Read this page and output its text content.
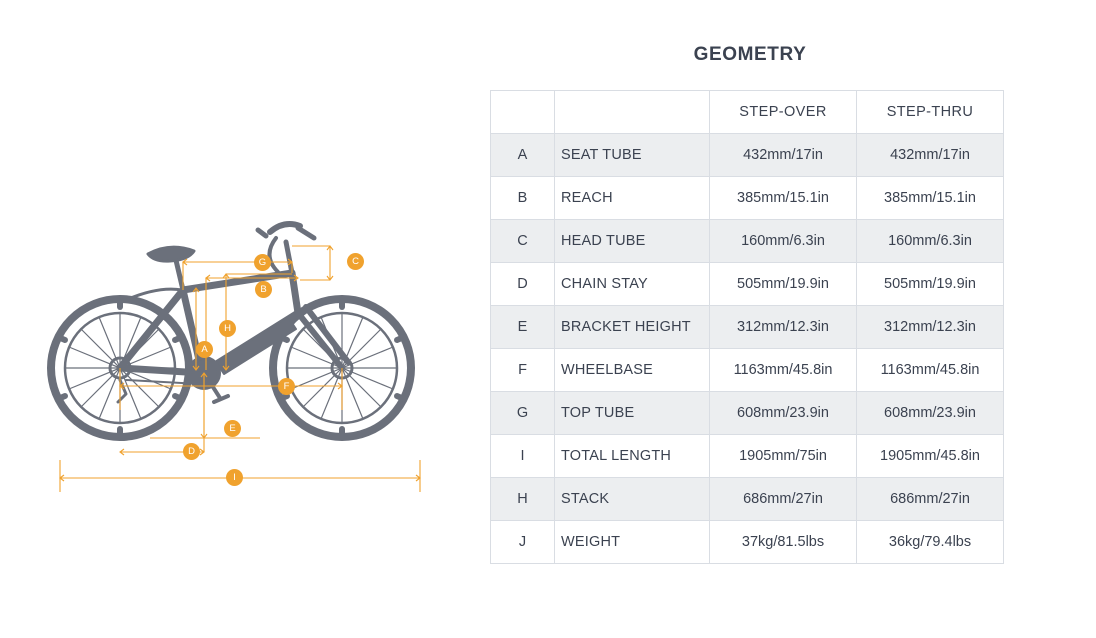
A
B
C
D
E
F
G
H
I
GEOMETRY
		STEP-OVER	STEP-THRU
A	SEAT TUBE	432mm/17in	432mm/17in
B	REACH	385mm/15.1in	385mm/15.1in
C	HEAD TUBE	160mm/6.3in	160mm/6.3in
D	CHAIN STAY	505mm/19.9in	505mm/19.9in
E	BRACKET HEIGHT	312mm/12.3in	312mm/12.3in
F	WHEELBASE	1163mm/45.8in	1163mm/45.8in
G	TOP TUBE	608mm/23.9in	608mm/23.9in
I	TOTAL LENGTH	1905mm/75in	1905mm/45.8in
H	STACK	686mm/27in	686mm/27in
J	WEIGHT	37kg/81.5lbs	36kg/79.4lbs
